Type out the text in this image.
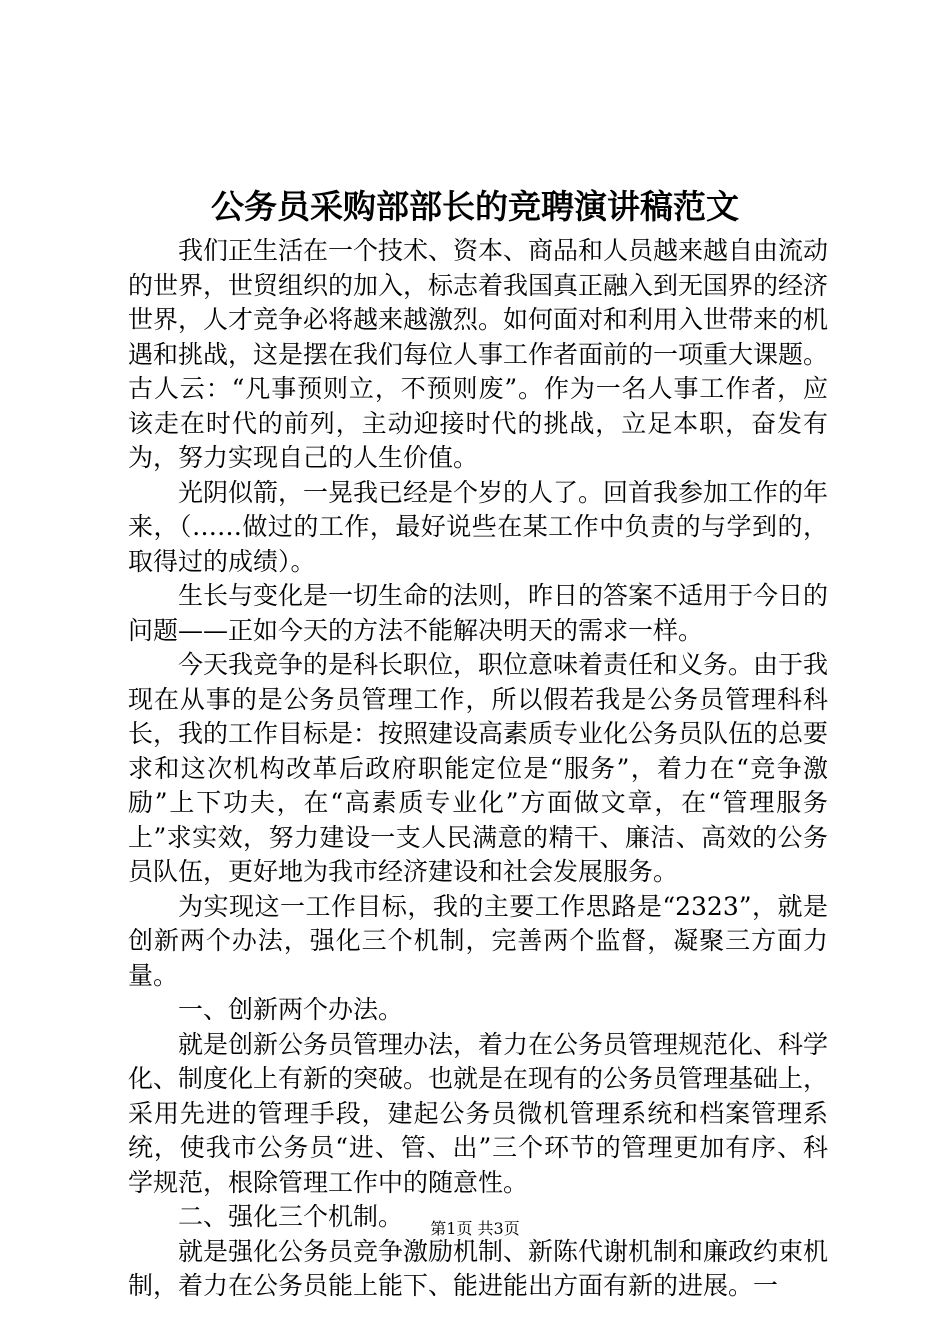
公务员采购部部长的竞聘演讲稿范文

我们正生活在一个技术、资本、商品和人员越来越自由流动的世界，世贸组织的加入，标志着我国真正融入到无国界的经济世界，人才竞争必将越来越激烈。如何面对和利用入世带来的机遇和挑战，这是摆在我们每位人事工作者面前的一项重大课题。古人云：“凡事预则立，不预则废”。作为一名人事工作者，应该走在时代的前列，主动迎接时代的挑战，立足本职，奋发有为，努力实现自己的人生价值。

光阴似箭，一晃我已经是个岁的人了。回首我参加工作的年来，（……做过的工作，最好说些在某工作中负责的与学到的，取得过的成绩）。

生长与变化是一切生命的法则，昨日的答案不适用于今日的问题——正如今天的方法不能解决明天的需求一样。

今天我竞争的是科长职位，职位意味着责任和义务。由于我现在从事的是公务员管理工作，所以假若我是公务员管理科科长，我的工作目标是：按照建设高素质专业化公务员队伍的总要求和这次机构改革后政府职能定位是“服务”，着力在“竞争激励”上下功夫，在“高素质专业化”方面做文章，在“管理服务上”求实效，努力建设一支人民满意的精干、廉洁、高效的公务员队伍，更好地为我市经济建设和社会发展服务。

为实现这一工作目标，我的主要工作思路是“2323”，就是创新两个办法，强化三个机制，完善两个监督，凝聚三方面力量。

一、创新两个办法。

就是创新公务员管理办法，着力在公务员管理规范化、科学化、制度化上有新的突破。也就是在现有的公务员管理基础上，采用先进的管理手段，建起公务员微机管理系统和档案管理系统，使我市公务员“进、管、出”三个环节的管理更加有序、科学规范，根除管理工作中的随意性。

二、强化三个机制。

就是强化公务员竞争激励机制、新陈代谢机制和廉政约束机制，着力在公务员能上能下、能进能出方面有新的进展。一

第1页 共3页
